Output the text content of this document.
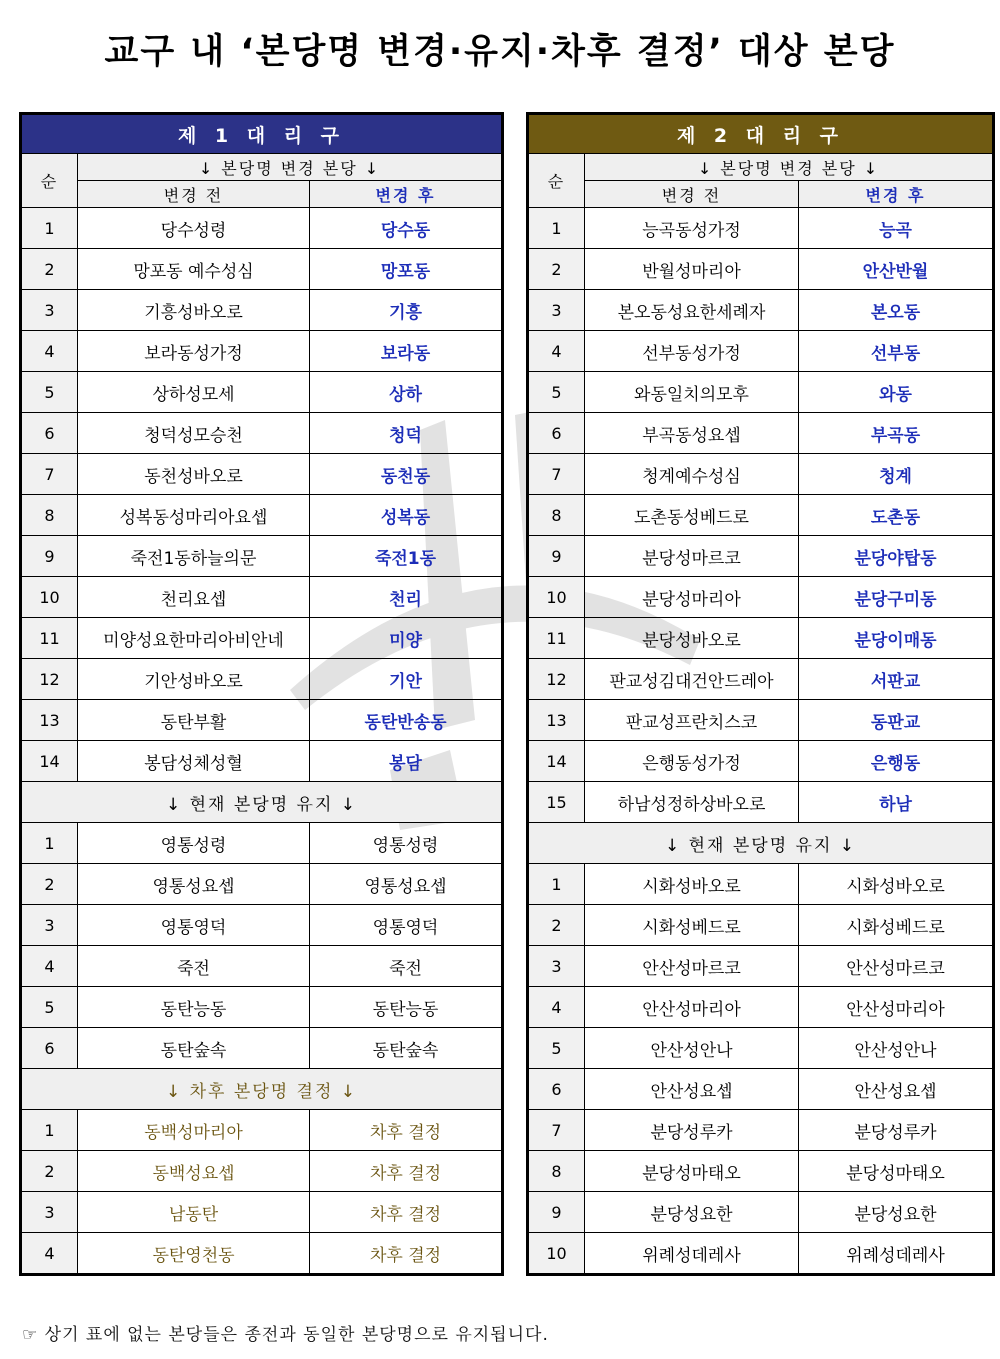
교구 내 ‘본당명 변경·유지·차후 결정’ 대상 본당
제 1 대 리 구		
순	↓ 본당명 변경 본당 ↓	
	변경 전	변경 후
1	당수성령	당수동
2	망포동 예수성심	망포동
3	기흥성바오로	기흥
4	보라동성가정	보라동
5	상하성모세	상하
6	청덕성모승천	청덕
7	동천성바오로	동천동
8	성복동성마리아요셉	성복동
9	죽전1동하늘의문	죽전1동
10	천리요셉	천리
11	미양성요한마리아비안네	미양
12	기안성바오로	기안
13	동탄부활	동탄반송동
14	봉담성체성혈	봉담
↓ 현재 본당명 유지 ↓		
1	영통성령	영통성령
2	영통성요셉	영통성요셉
3	영통영덕	영통영덕
4	죽전	죽전
5	동탄능동	동탄능동
6	동탄숲속	동탄숲속
↓ 차후 본당명 결정 ↓		
1	동백성마리아	차후 결정
2	동백성요셉	차후 결정
3	남동탄	차후 결정
4	동탄영천동	차후 결정
제 2 대 리 구		
순	↓ 본당명 변경 본당 ↓	
	변경 전	변경 후
1	능곡동성가정	능곡
2	반월성마리아	안산반월
3	본오동성요한세례자	본오동
4	선부동성가정	선부동
5	와동일치의모후	와동
6	부곡동성요셉	부곡동
7	청계예수성심	청계
8	도촌동성베드로	도촌동
9	분당성마르코	분당야탑동
10	분당성마리아	분당구미동
11	분당성바오로	분당이매동
12	판교성김대건안드레아	서판교
13	판교성프란치스코	동판교
14	은행동성가정	은행동
15	하남성정하상바오로	하남
↓ 현재 본당명 유지 ↓		
1	시화성바오로	시화성바오로
2	시화성베드로	시화성베드로
3	안산성마르코	안산성마르코
4	안산성마리아	안산성마리아
5	안산성안나	안산성안나
6	안산성요셉	안산성요셉
7	분당성루카	분당성루카
8	분당성마태오	분당성마태오
9	분당성요한	분당성요한
10	위례성데레사	위례성데레사
☞ 상기 표에 없는 본당들은 종전과 동일한 본당명으로 유지됩니다.
